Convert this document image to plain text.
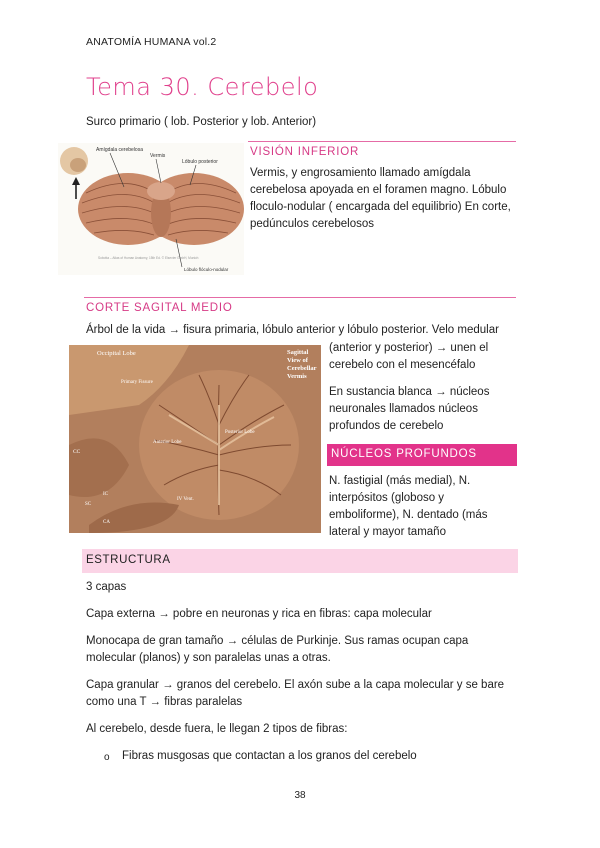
ANATOMÍA HUMANA vol.2
Tema 30. Cerebelo
Surco primario ( lob. Posterior y lob. Anterior)
Amígdala cerebelosa
Vermis
Lóbulo posterior
Lóbulo flóculo-nodular
Sobotta – Atlas of Human Anatomy, 15th Ed. © Elsevier GmbH, Munich
VISIÓN INFERIOR
Vermis, y engrosamiento llamado amígdala cerebelosa apoyada en el foramen magno. Lóbulo floculo-nodular ( encargada del equilibrio) En corte, pedúnculos cerebelosos
CORTE SAGITAL MEDIO
Árbol de la vida → fisura primaria, lóbulo anterior y lóbulo posterior. Velo medular
Occipital Lobe
Primary Fissure
Anterior Lobe
Posterior Lobe
CC
IC
SC
CA
IV Vent.
Sagittal View of Cerebellar Vermis
(anterior y posterior) → unen el cerebelo con el mesencéfalo
En sustancia blanca → núcleos neuronales llamados núcleos profundos de cerebelo
NÚCLEOS PROFUNDOS
N. fastigial (más medial), N. interpósitos (globoso y emboliforme), N. dentado (más lateral y mayor tamaño
ESTRUCTURA
3 capas
Capa externa → pobre en neuronas y rica en fibras: capa molecular
Monocapa de gran tamaño → células de Purkinje. Sus ramas ocupan capa molecular (planos) y son paralelas unas a otras.
Capa granular → granos del cerebelo. El axón sube a la capa molecular y se bare como una T → fibras paralelas
Al cerebelo, desde fuera, le llegan 2 tipos de fibras:
o Fibras musgosas que contactan a los granos del cerebelo
38
